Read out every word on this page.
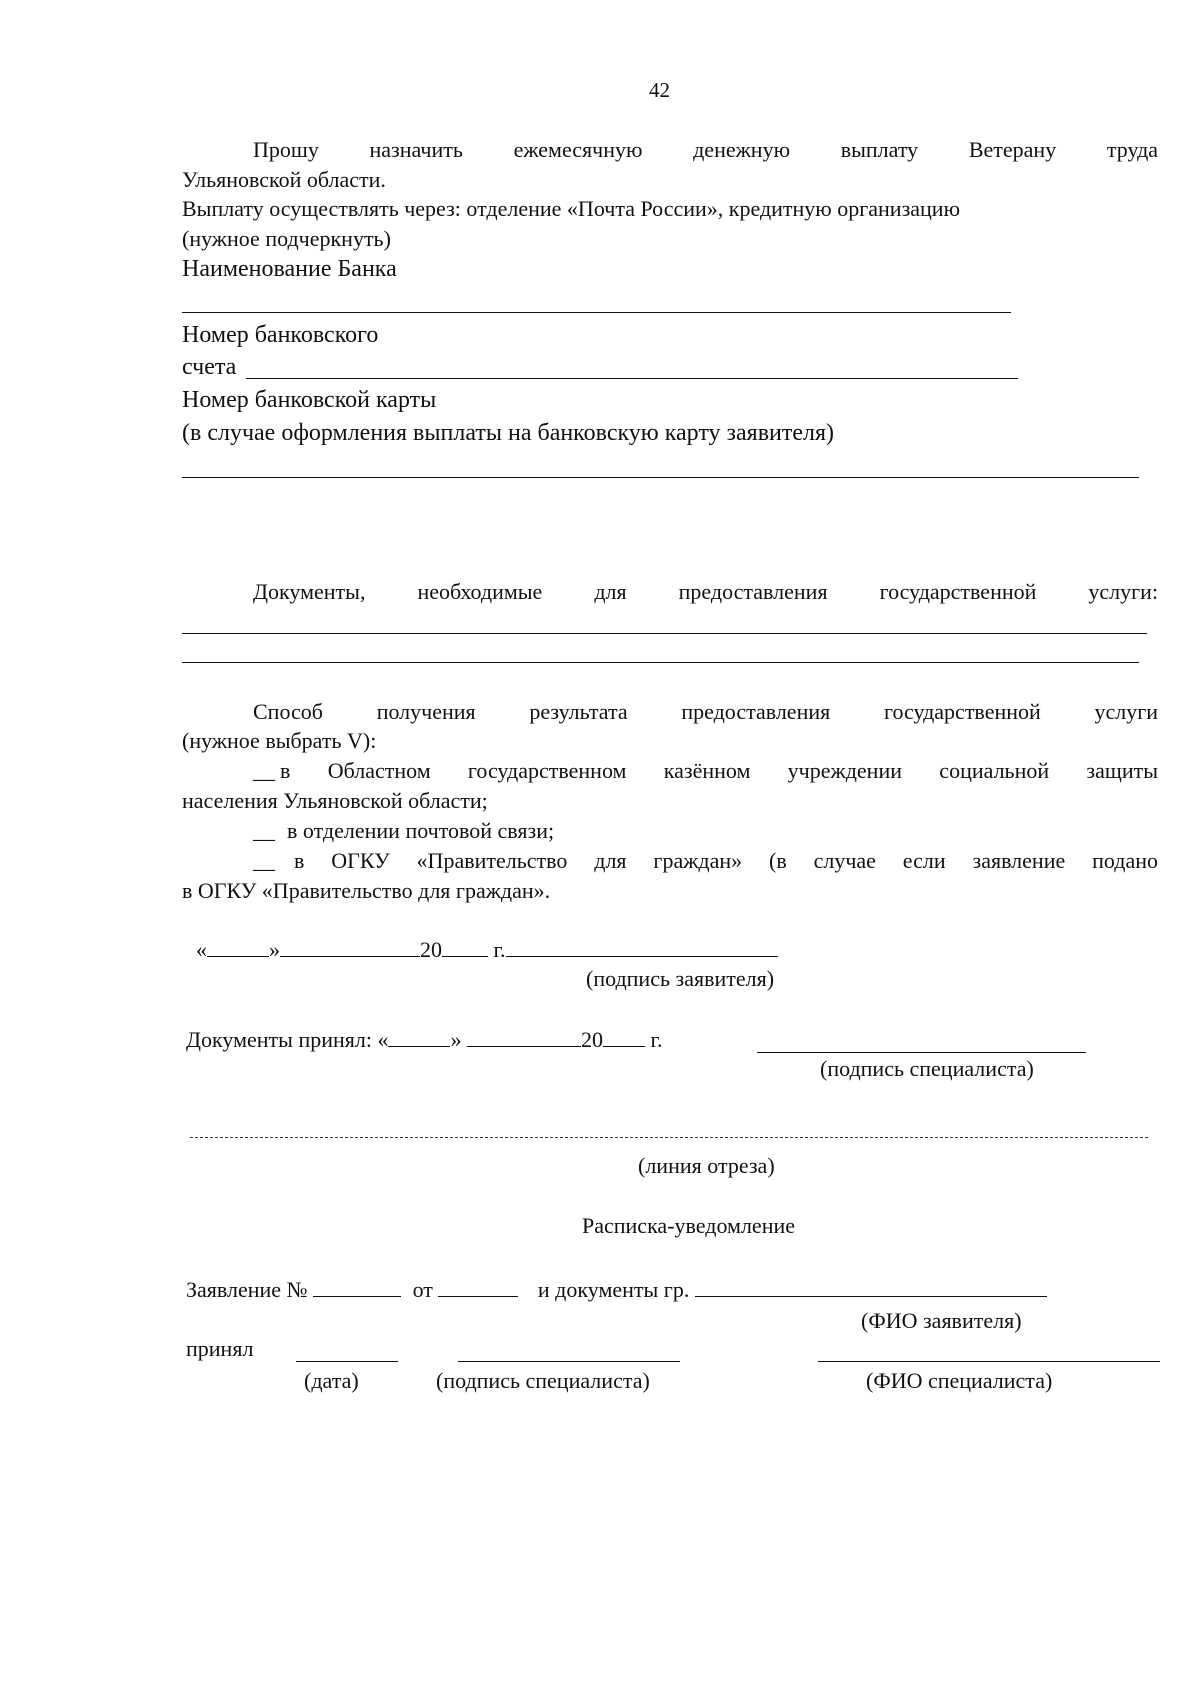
42
Прошу назначить ежемесячную денежную выплату Ветерану труда
Ульяновской области.
Выплату осуществлять через: отделение «Почта России», кредитную организацию
(нужное подчеркнуть)
Наименование Банка
Номер банковского
счета
Номер банковской карты
(в случае оформления выплаты на банковскую карту заявителя)
Документы, необходимые для предоставления государственной услуги:
Способ получения результата предоставления государственной услуги
(нужное выбрать V):
__ в Областном государственном казённом учреждении социальной защиты
населения Ульяновской области;
__ в отделении почтовой связи;
__ в ОГКУ «Правительство для граждан» (в случае если заявление подано
в ОГКУ «Правительство для граждан».
«	»	20 г.
(подпись заявителя)
Документы принял: «	»	20 г.
(подпись специалиста)
(линия отреза)
Расписка-уведомление
Заявление №	от	и документы гр.
(ФИО заявителя)
принял
(дата)	(подпись специалиста)	(ФИО специалиста)
